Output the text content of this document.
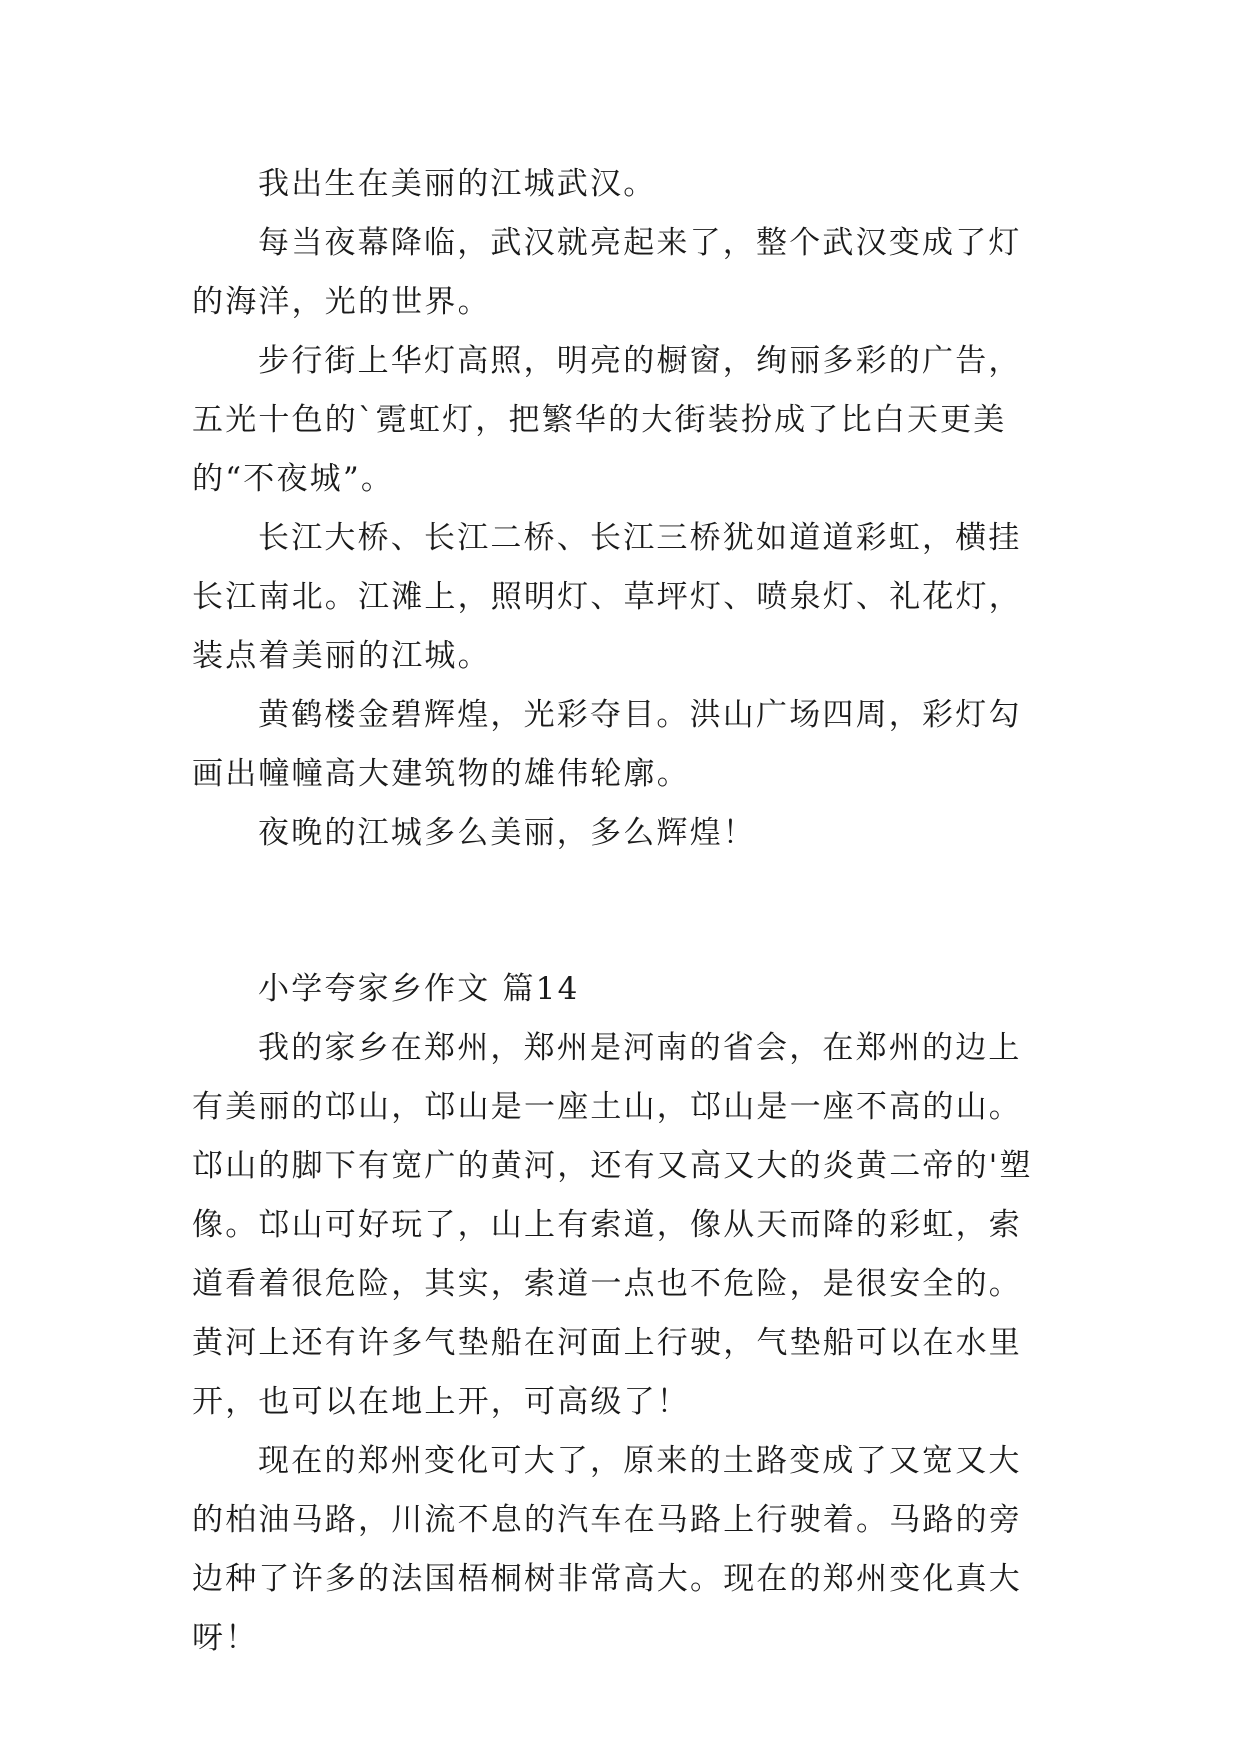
我出生在美丽的江城武汉。

每当夜幕降临，武汉就亮起来了，整个武汉变成了灯的海洋，光的世界。

步行街上华灯高照，明亮的橱窗，绚丽多彩的广告，五光十色的`霓虹灯，把繁华的大街装扮成了比白天更美的“不夜城”。

长江大桥、长江二桥、长江三桥犹如道道彩虹，横挂长江南北。江滩上，照明灯、草坪灯、喷泉灯、礼花灯，装点着美丽的江城。

黄鹤楼金碧辉煌，光彩夺目。洪山广场四周，彩灯勾画出幢幢高大建筑物的雄伟轮廓。

夜晚的江城多么美丽，多么辉煌！

小学夸家乡作文 篇14

我的家乡在郑州，郑州是河南的省会，在郑州的边上有美丽的邙山，邙山是一座土山，邙山是一座不高的山。邙山的脚下有宽广的黄河，还有又高又大的炎黄二帝的'塑像。邙山可好玩了，山上有索道，像从天而降的彩虹，索道看着很危险，其实，索道一点也不危险，是很安全的。黄河上还有许多气垫船在河面上行驶，气垫船可以在水里开，也可以在地上开，可高级了！

现在的郑州变化可大了，原来的土路变成了又宽又大的柏油马路，川流不息的汽车在马路上行驶着。马路的旁边种了许多的法国梧桐树非常高大。现在的郑州变化真大呀！
